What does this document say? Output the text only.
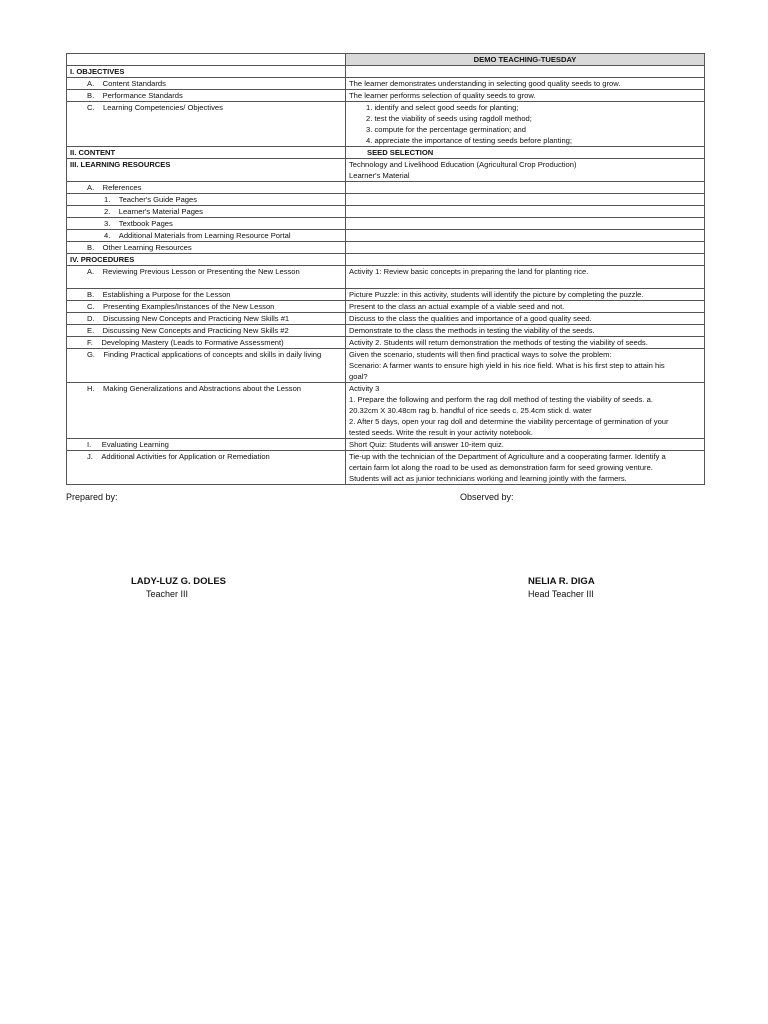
	DEMO TEACHING-TUESDAY
I. OBJECTIVES	
A.    Content Standards	The learner demonstrates understanding in selecting good quality seeds to grow.
B.    Performance Standards	The learner performs selection of quality seeds to grow.
C.    Learning Competencies/ Objectives	1. identify and select good seeds for planting;
2. test the viability of seeds using ragdoll method;
3. compute for the percentage germination; and
4. appreciate the importance of testing seeds before planting;

II. CONTENT	SEED SELECTION
III. LEARNING RESOURCES	Technology and Livelihood Education (Agricultural Crop Production)
Learner's Material

A.    References	
1.    Teacher's Guide Pages	
2.    Learner's Material Pages	
3.    Textbook Pages	
4.    Additional Materials from Learning Resource Portal	
B.    Other Learning Resources	
IV. PROCEDURES	
A.    Reviewing Previous Lesson or Presenting the New Lesson	Activity 1: Review basic concepts in preparing the land for planting rice.

B.    Establishing a Purpose for the Lesson	Picture Puzzle: in this activity, students will identify the picture by completing the puzzle.

C.    Presenting Examples/Instances of the New Lesson	Present to the class an actual example of a viable seed and not.

D.    Discussing New Concepts and Practicing New Skills #1	Discuss to the class the qualities and importance of a good quality seed.

E.    Discussing New Concepts and Practicing New Skills #2	Demonstrate to the class the methods in testing the viability of the seeds.

F.    Developing Mastery (Leads to Formative Assessment)	Activity 2. Students will return demonstration the methods of testing the viability of seeds.

G.    Finding Practical applications of concepts and skills in daily living	Given the scenario, students will then find practical ways to solve the problem:
Scenario: A farmer wants to ensure high yield in his rice field. What is his first step to attain his
goal?

H.    Making Generalizations and Abstractions about the Lesson	Activity 3
1. Prepare the following and perform the rag doll method of testing the viability of seeds. a.
20.32cm X 30.48cm rag b. handful of rice seeds c. 25.4cm stick d. water
2. After 5 days, open your rag doll and determine the viability percentage of germination of your
tested seeds. Write the result in your activity notebook.

I.     Evaluating Learning	Short Quiz: Students will answer 10-item quiz.

J.    Additional Activities for Application or Remediation	Tie-up with the technician of the Department of Agriculture and a cooperating farmer. Identify a
certain farm lot along the road to be used as demonstration farm for seed growing venture.
Students will act as junior technicians working and learning jointly with the farmers.
Prepared by:	Observed by:
LADY-LUZ G. DOLES
Teacher III
NELIA R. DIGA
Head Teacher III
